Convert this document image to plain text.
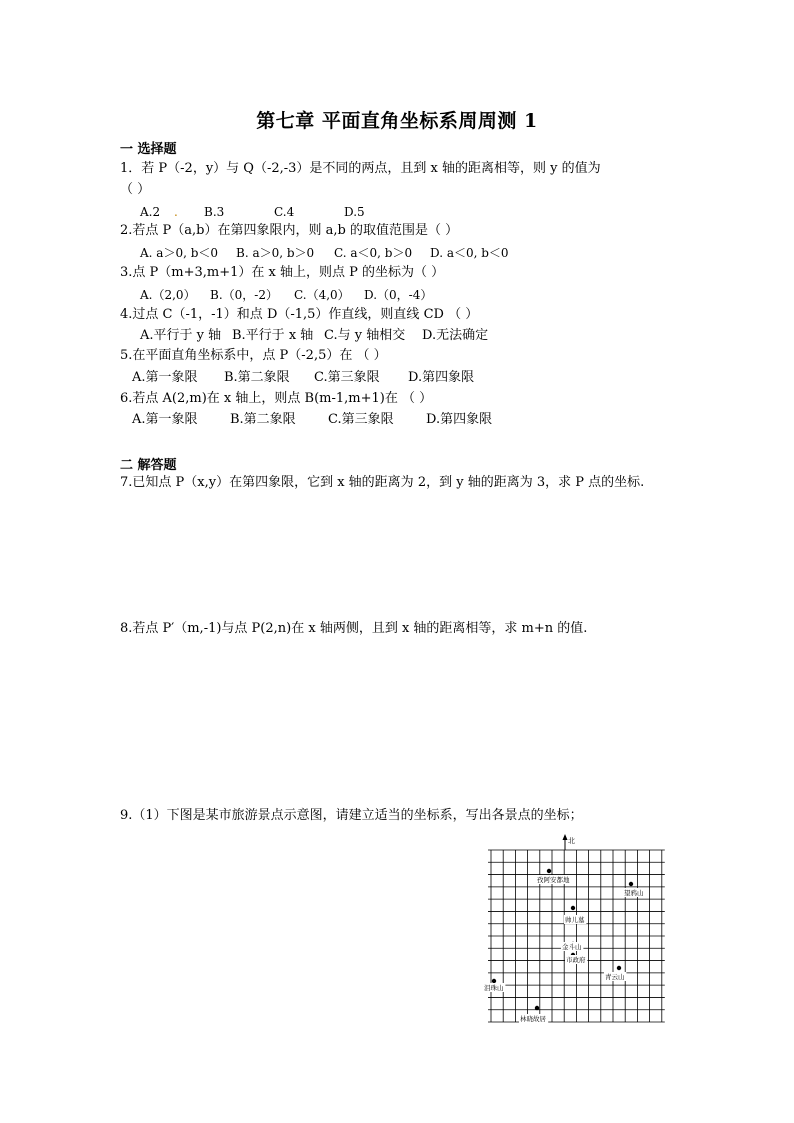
第七章 平面直角坐标系周周测 1
一 选择题
1．若 P（-2，y）与 Q（-2,-3）是不同的两点，且到 x 轴的距离相等，则 y 的值为
（ ）
A.2 . B.3	C.4	D.5
2.若点 P（a,b）在第四象限内，则 a,b 的取值范围是（ ）
A. a＞0, b＜0 B. a＞0, b＞0 C. a＜0, b＞0 D. a＜0, b＜0
3.点 P（m+3,m+1）在 x 轴上，则点 P 的坐标为（ ）
A.（2,0） B.（0，-2） C.（4,0） D.（0，-4）
4.过点 C（-1，-1）和点 D（-1,5）作直线，则直线 CD （ ）
A.平行于 y 轴 B.平行于 x 轴 C.与 y 轴相交 D.无法确定
5.在平面直角坐标系中，点 P（-2,5）在 （ ）
A.第一象限 B.第二象限 C.第三象限 D.第四象限
6.若点 A(2,m)在 x 轴上，则点 B(m-1,m+1)在 （ ）
A.第一象限 B.第二象限 C.第三象限 D.第四象限
二 解答题
7.已知点 P（x,y）在第四象限，它到 x 轴的距离为 2，到 y 轴的距离为 3，求 P 点的坐标.
8.若点 P′（m,-1)与点 P(2,n)在 x 轴两侧，且到 x 轴的距离相等，求 m+n 的值.
9.（1）下图是某市旅游景点示意图，请建立适当的坐标系，写出各景点的坐标；
北
孜阿安都地
望鸦山
帅儿墓
金斗山
市政府
青云山
泪珠山
林晓故居
